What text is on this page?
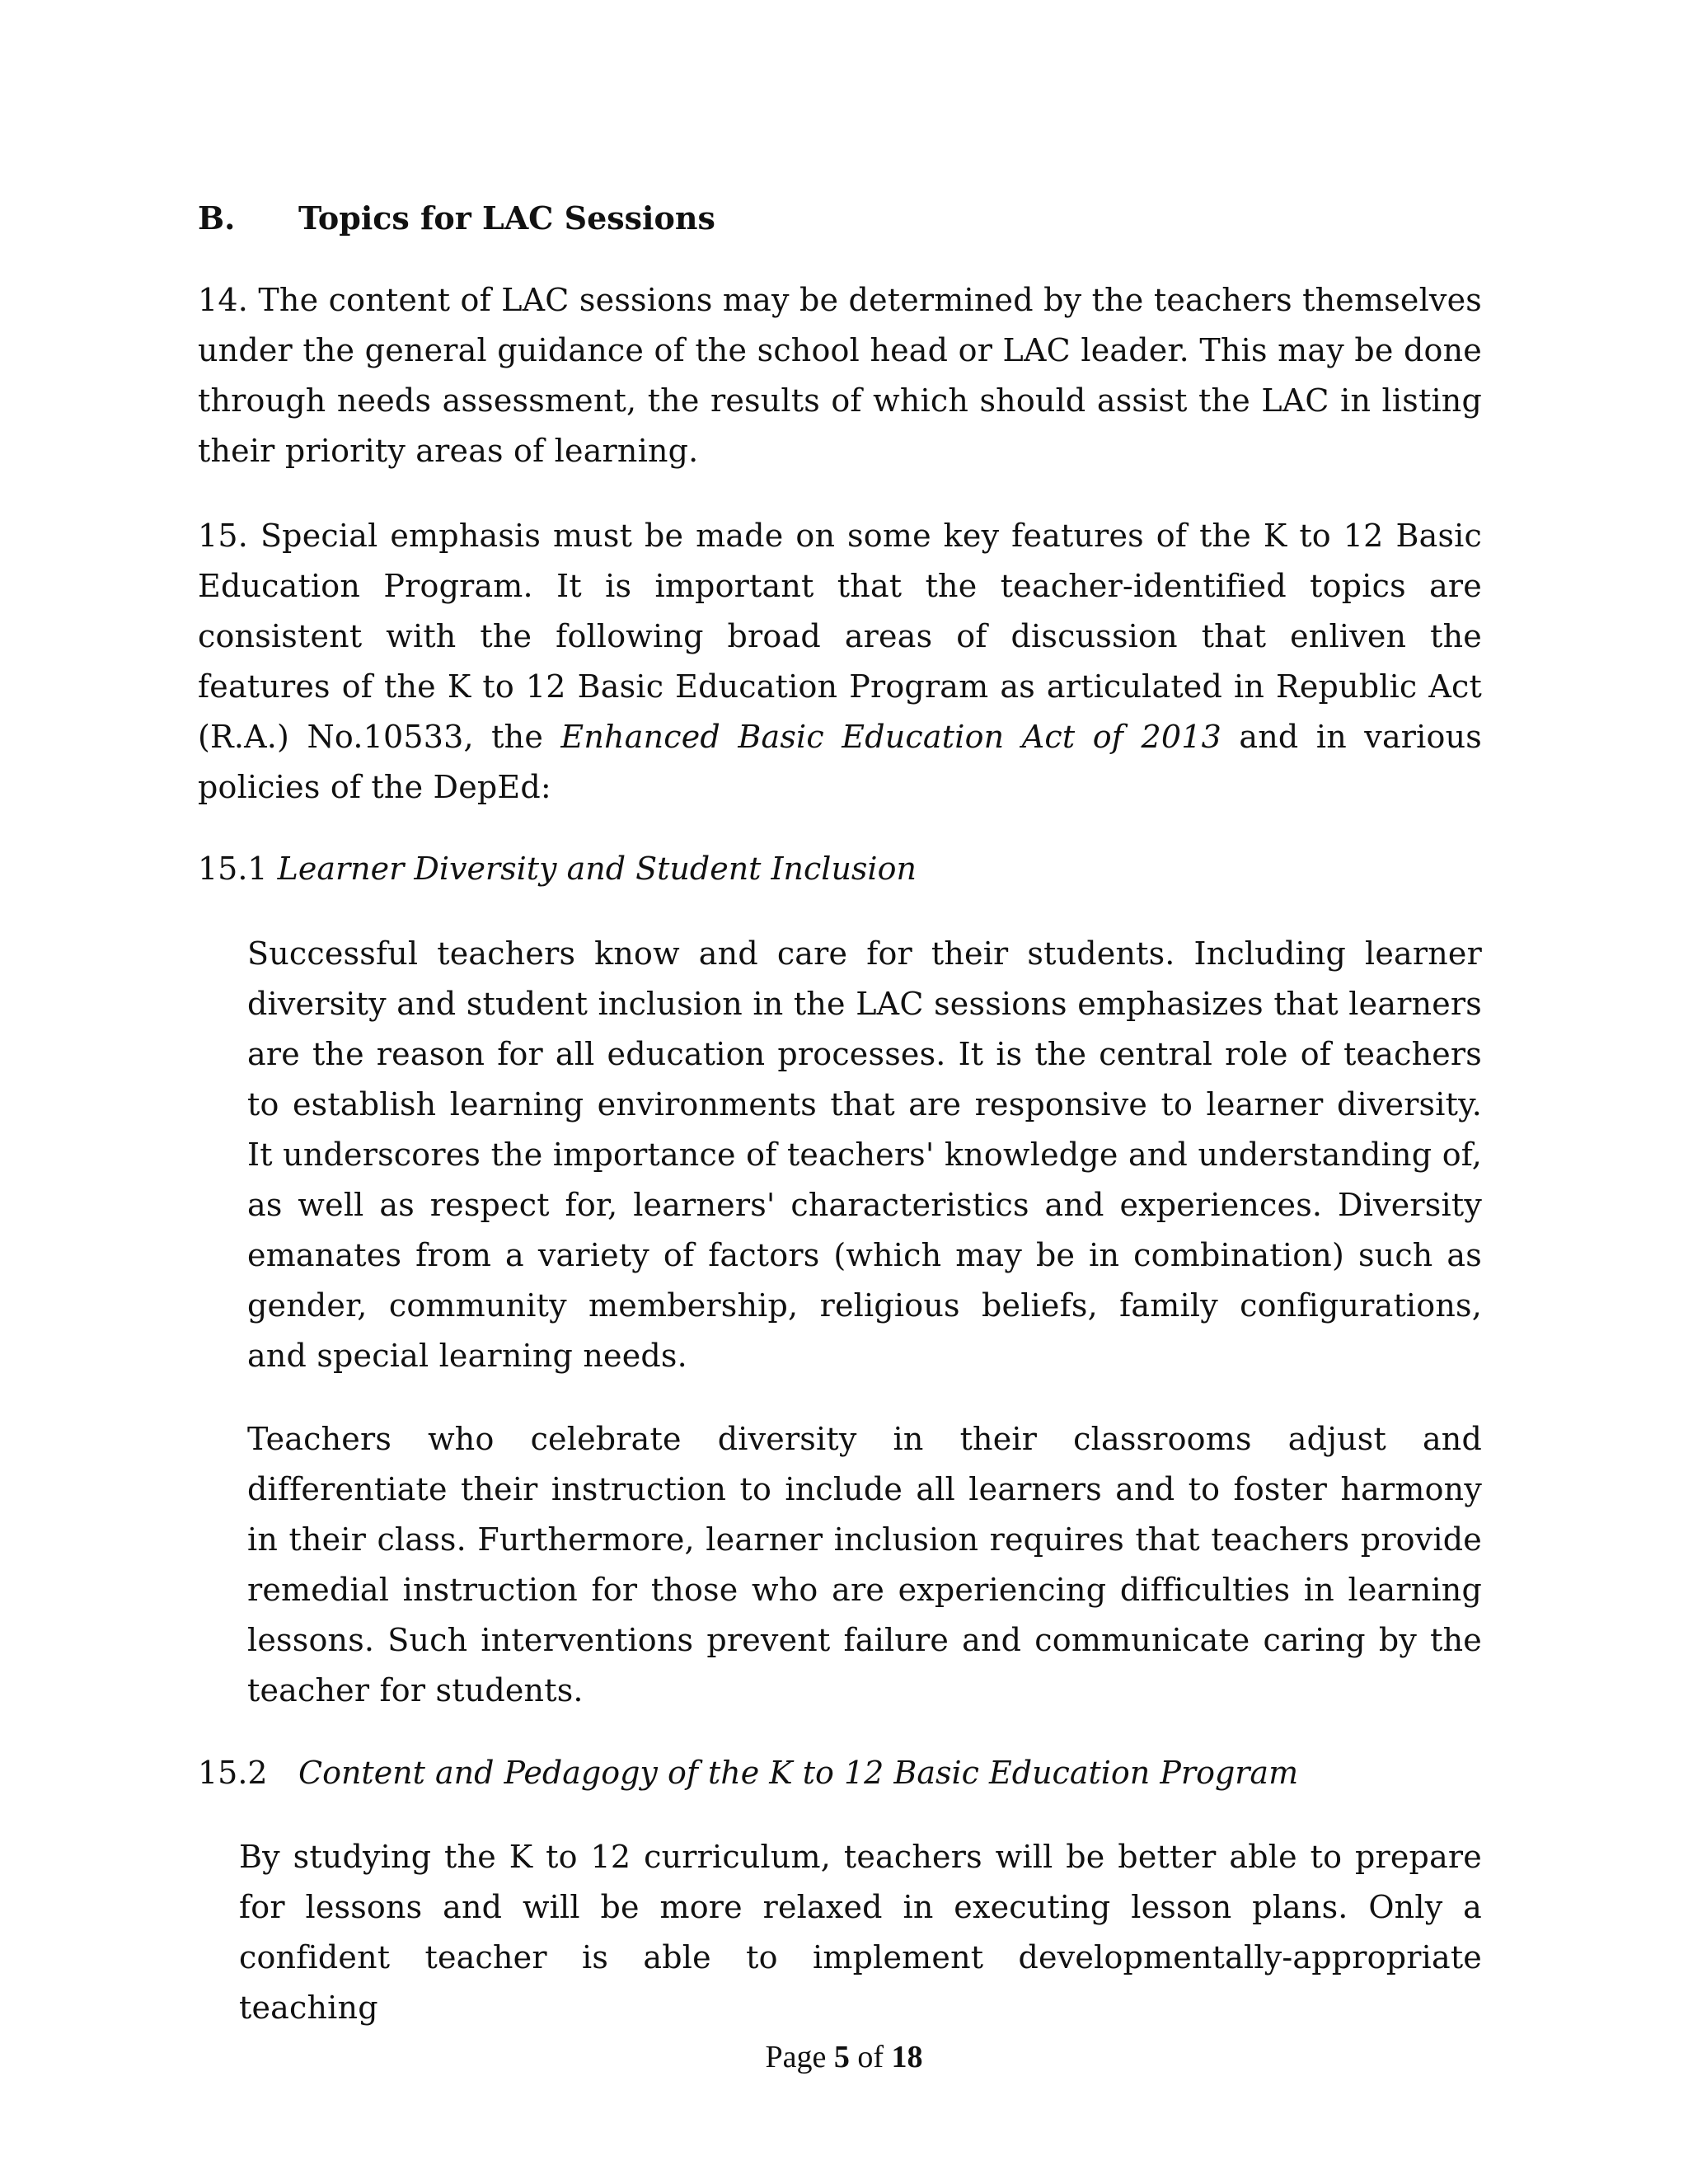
B. Topics for LAC Sessions

14. The content of LAC sessions may be determined by the teachers themselves under the general guidance of the school head or LAC leader. This may be done through needs assessment, the results of which should assist the LAC in listing their priority areas of learning.

15. Special emphasis must be made on some key features of the K to 12 Basic Education Program. It is important that the teacher-identified topics are consistent with the following broad areas of discussion that enliven the features of the K to 12 Basic Education Program as articulated in Republic Act (R.A.) No.10533, the Enhanced Basic Education Act of 2013 and in various policies of the DepEd:

15.1 Learner Diversity and Student Inclusion

Successful teachers know and care for their students. Including learner diversity and student inclusion in the LAC sessions emphasizes that learners are the reason for all education processes. It is the central role of teachers to establish learning environments that are responsive to learner diversity. It underscores the importance of teachers' knowledge and understanding of, as well as respect for, learners' characteristics and experiences. Diversity emanates from a variety of factors (which may be in combination) such as gender, community membership, religious beliefs, family configurations, and special learning needs.

Teachers who celebrate diversity in their classrooms adjust and differentiate their instruction to include all learners and to foster harmony in their class. Furthermore, learner inclusion requires that teachers provide remedial instruction for those who are experiencing difficulties in learning lessons. Such interventions prevent failure and communicate caring by the teacher for students.

15.2 Content and Pedagogy of the K to 12 Basic Education Program

By studying the K to 12 curriculum, teachers will be better able to prepare for lessons and will be more relaxed in executing lesson plans. Only a confident teacher is able to implement developmentally-appropriate teaching

Page 5 of 18
